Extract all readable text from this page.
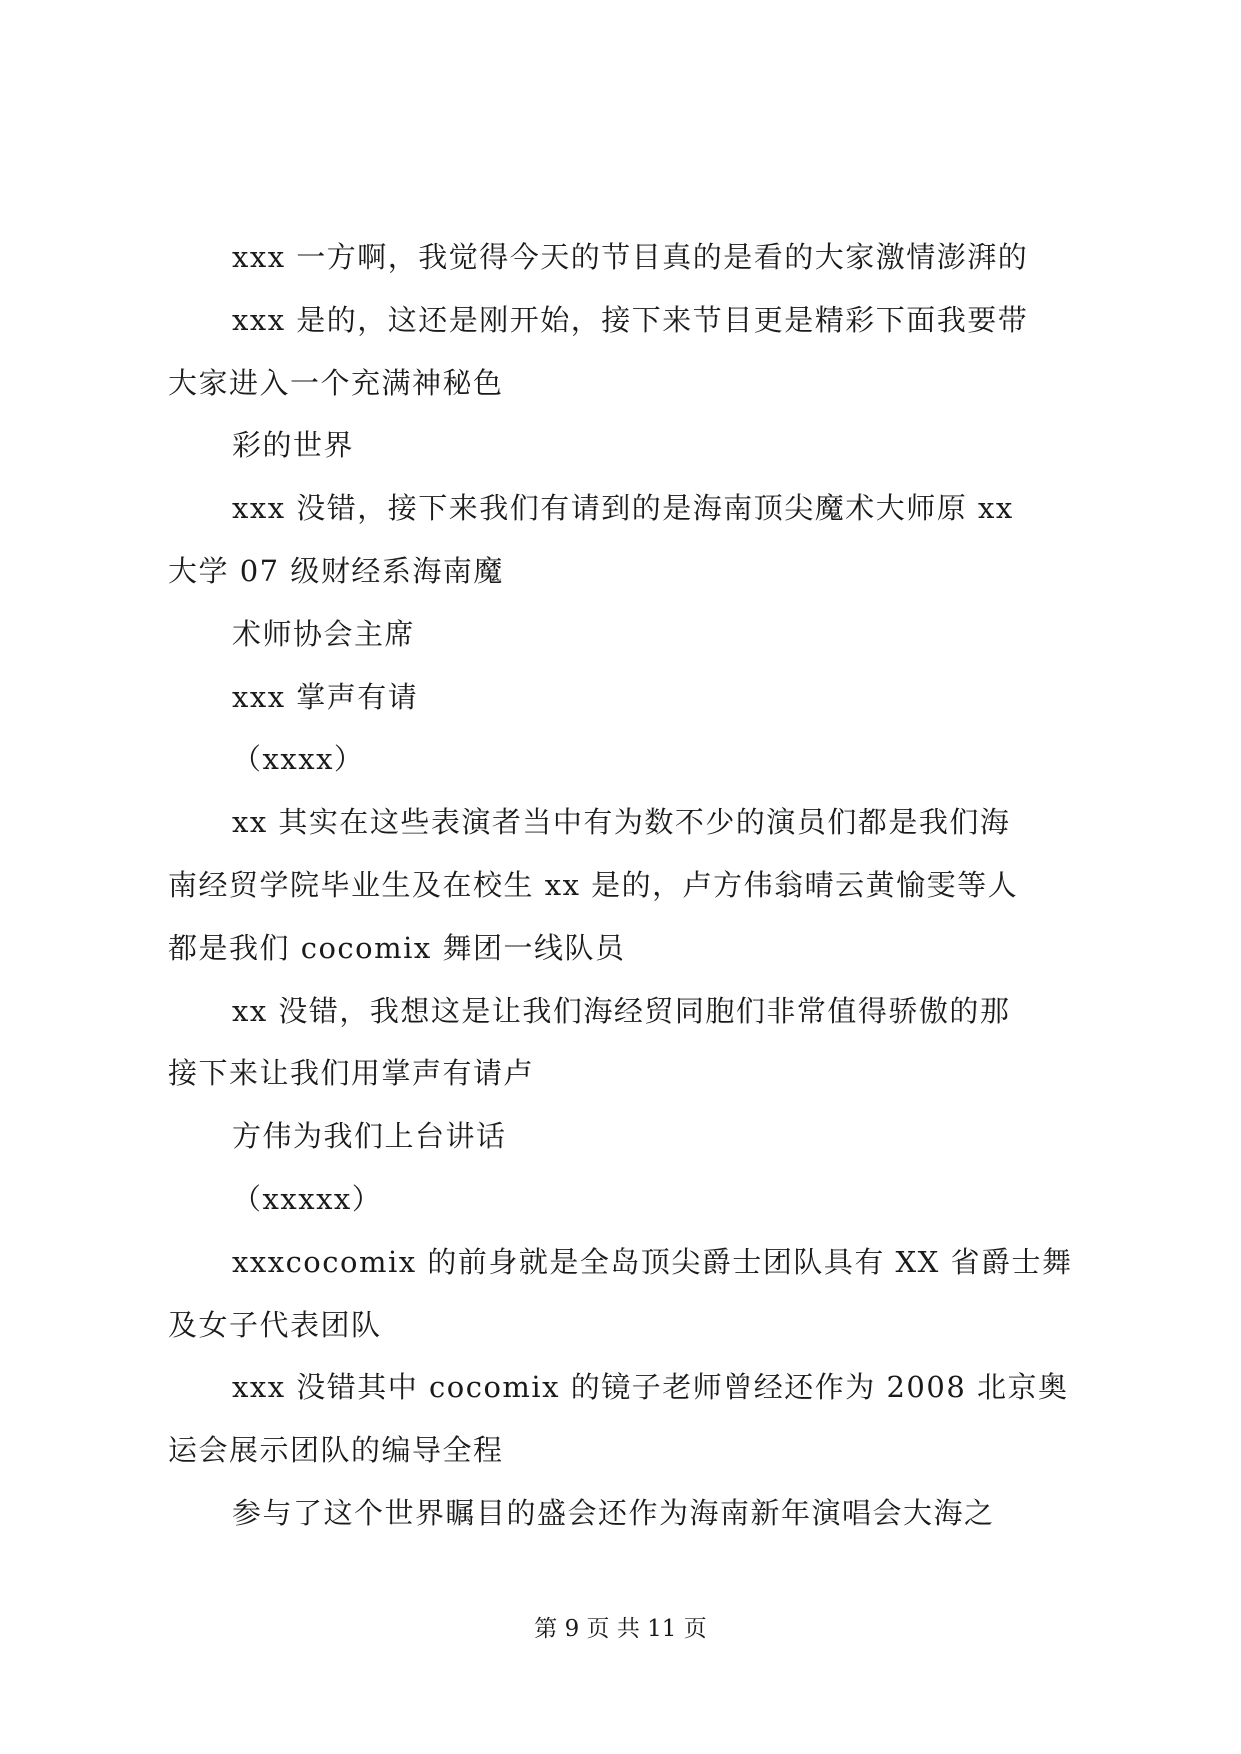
xxx 一方啊，我觉得今天的节目真的是看的大家激情澎湃的
xxx 是的，这还是刚开始，接下来节目更是精彩下面我要带
大家进入一个充满神秘色
彩的世界
xxx 没错，接下来我们有请到的是海南顶尖魔术大师原 xx
大学 07 级财经系海南魔
术师协会主席
xxx 掌声有请
（xxxx）
xx 其实在这些表演者当中有为数不少的演员们都是我们海
南经贸学院毕业生及在校生 xx 是的，卢方伟翁晴云黄愉雯等人
都是我们 cocomix 舞团一线队员
xx 没错，我想这是让我们海经贸同胞们非常值得骄傲的那
接下来让我们用掌声有请卢
方伟为我们上台讲话
（xxxxx）
xxxcocomix 的前身就是全岛顶尖爵士团队具有 XX 省爵士舞
及女子代表团队
xxx 没错其中 cocomix 的镜子老师曾经还作为 2008 北京奥
运会展示团队的编导全程
参与了这个世界瞩目的盛会还作为海南新年演唱会大海之
第 9 页 共 11 页
